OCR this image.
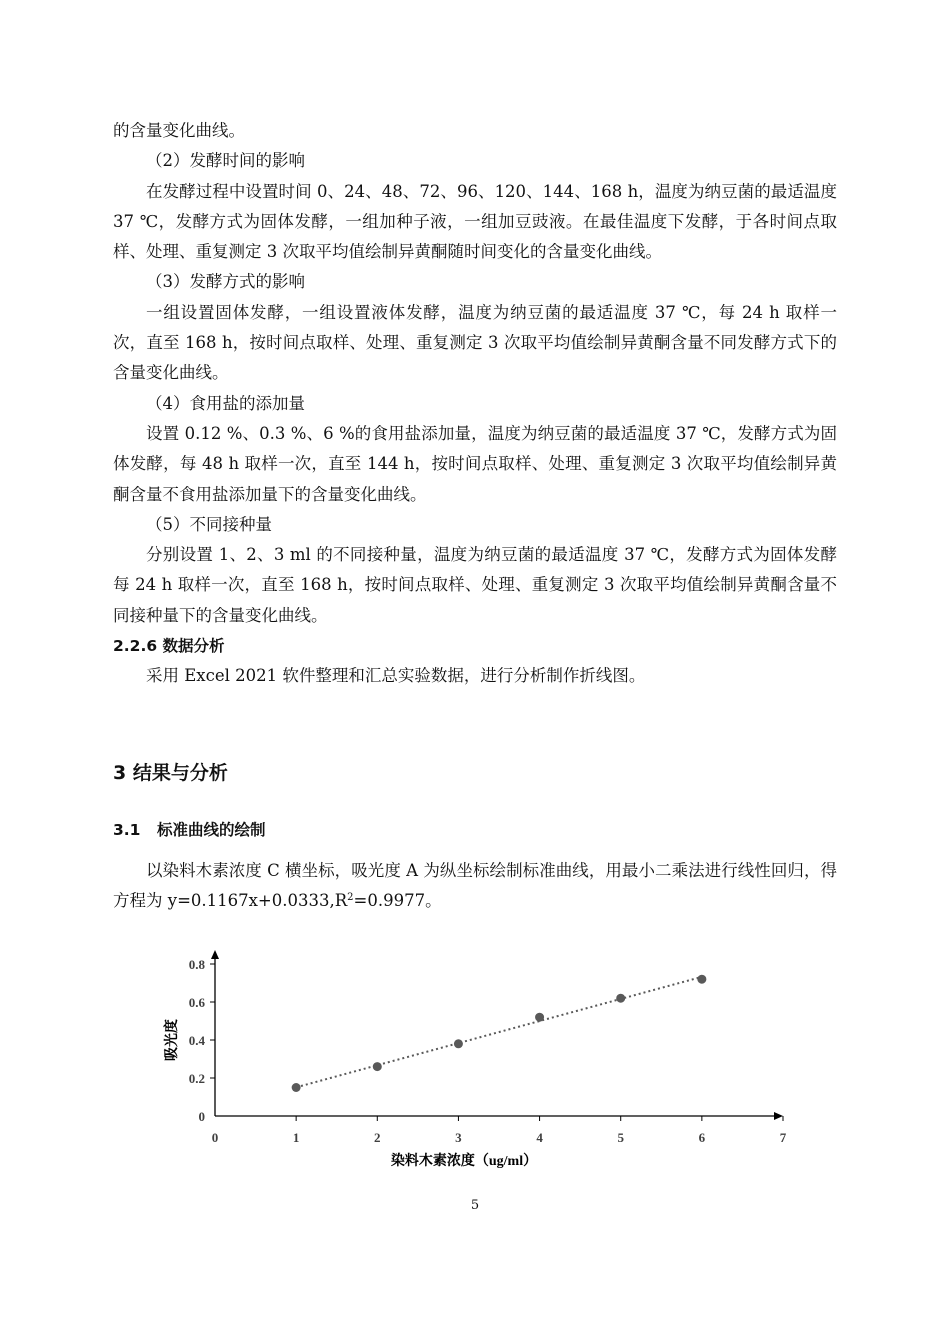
的含量变化曲线。

（2）发酵时间的影响

在发酵过程中设置时间 0、24、48、72、96、120、144、168 h，温度为纳豆菌的最适温度 37 ℃，发酵方式为固体发酵，一组加种子液，一组加豆豉液。在最佳温度下发酵，于各时间点取样、处理、重复测定 3 次取平均值绘制异黄酮随时间变化的含量变化曲线。

（3）发酵方式的影响

一组设置固体发酵，一组设置液体发酵，温度为纳豆菌的最适温度 37 ℃，每 24 h 取样一次，直至 168 h，按时间点取样、处理、重复测定 3 次取平均值绘制异黄酮含量不同发酵方式下的含量变化曲线。

（4）食用盐的添加量

设置 0.12 %、0.3 %、6 %的食用盐添加量，温度为纳豆菌的最适温度 37 ℃，发酵方式为固体发酵，每 48 h 取样一次，直至 144 h，按时间点取样、处理、重复测定 3 次取平均值绘制异黄酮含量不食用盐添加量下的含量变化曲线。

（5）不同接种量

分别设置 1、2、3 ml 的不同接种量，温度为纳豆菌的最适温度 37 ℃，发酵方式为固体发酵每 24 h 取样一次，直至 168 h，按时间点取样、处理、重复测定 3 次取平均值绘制异黄酮含量不同接种量下的含量变化曲线。

2.2.6 数据分析

采用 Excel 2021 软件整理和汇总实验数据，进行分析制作折线图。

3 结果与分析
3.1 标准曲线的绘制

以染料木素浓度 C 横坐标，吸光度 A 为纵坐标绘制标准曲线，用最小二乘法进行线性回归，得方程为 $y=0.1167x+0.0333,R^2=0.9977$。

0	1	2	3	4	5	6	7
0
0.2
0.4
0.6
0.8
染料木素浓度（ug/ml）
吸光度
5
